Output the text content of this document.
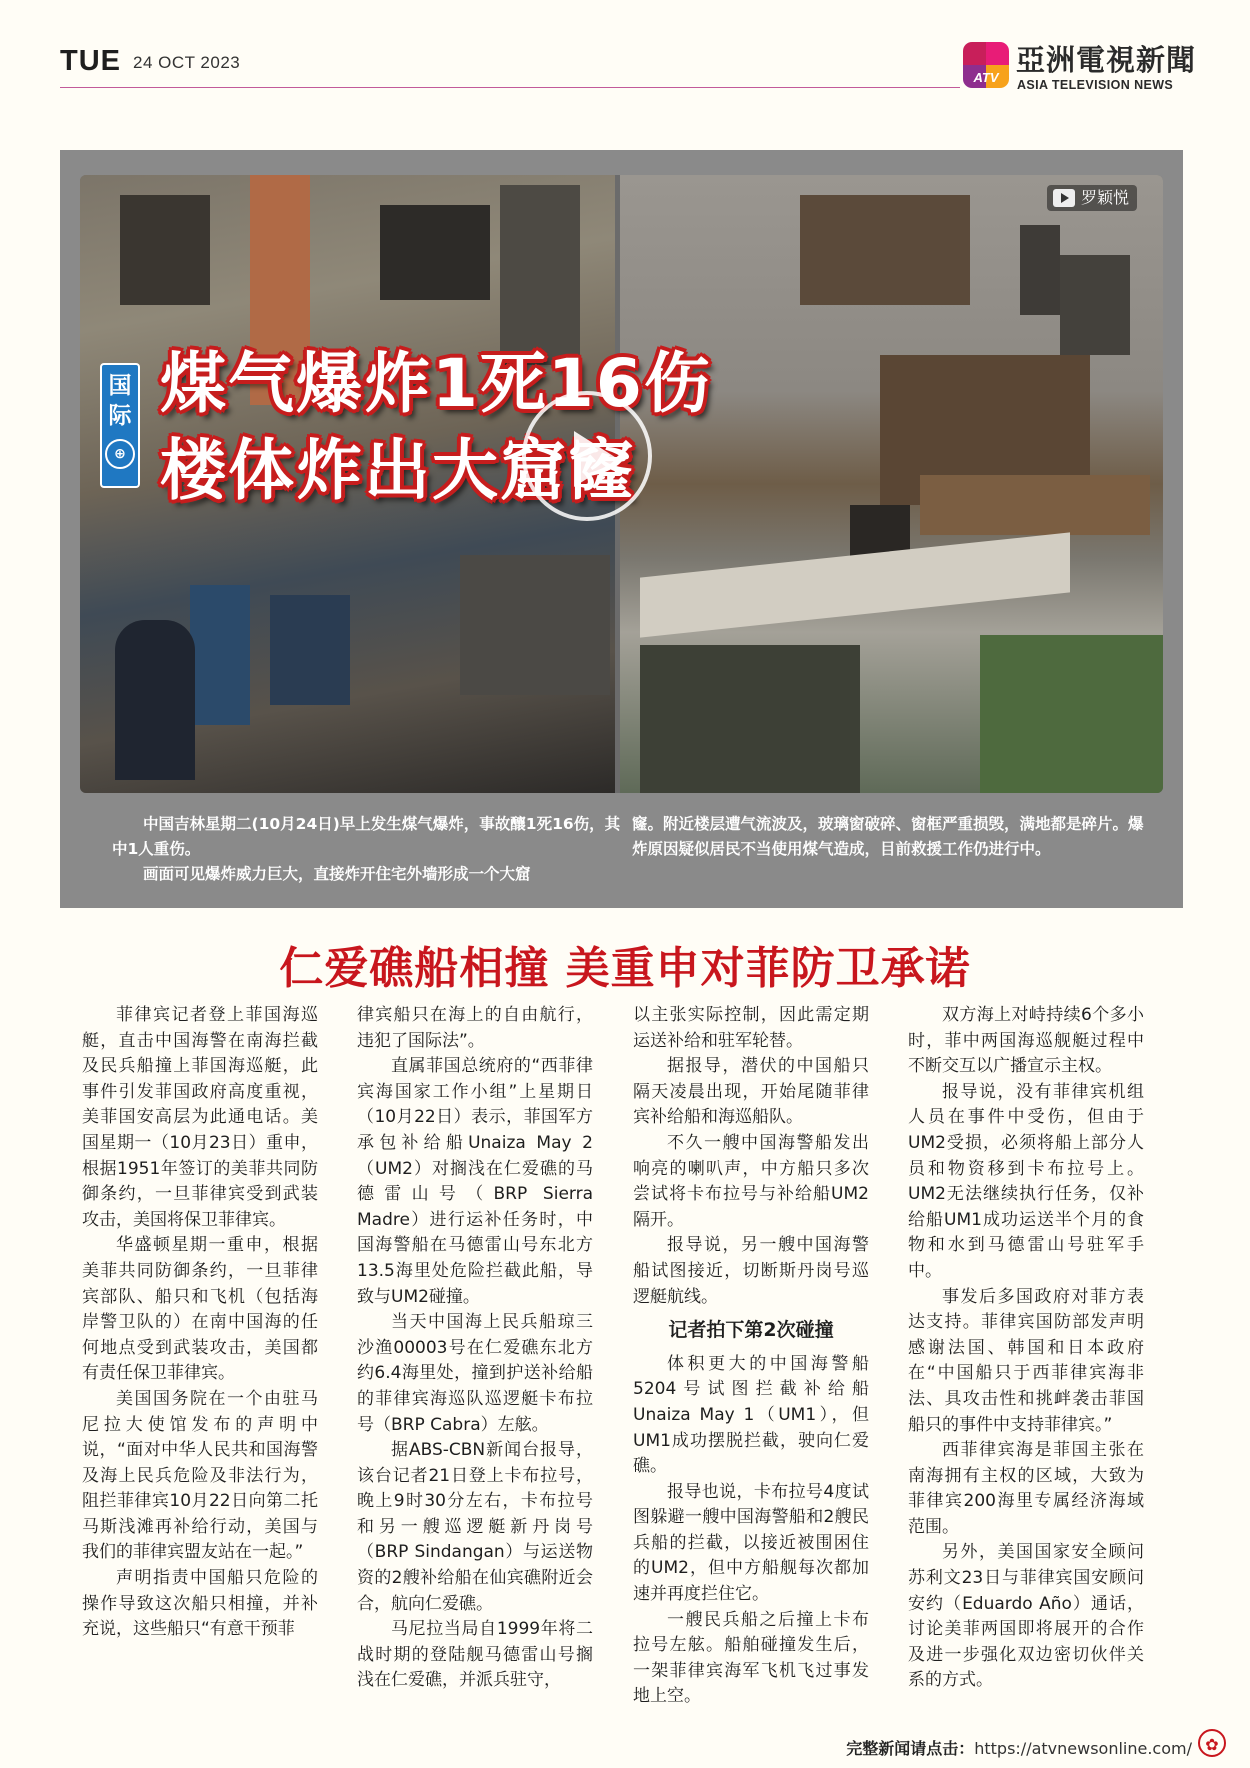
TUE 24 OCT 2023
ATV
亞洲電視新聞
ASIA TELEVISION NEWS
国际
⊕
煤气爆炸1死16伤
楼体炸出大窟窿
罗颖悦

中国吉林星期二(10月24日)早上发生煤气爆炸，事故釀1死16伤，其中1人重伤。

画面可见爆炸威力巨大，直接炸开住宅外墙形成一个大窟

窿。附近楼层遭气流波及，玻璃窗破碎、窗框严重损毁，满地都是碎片。爆炸原因疑似居民不当使用煤气造成，目前救援工作仍进行中。

仁爱礁船相撞 美重申对菲防卫承诺

菲律宾记者登上菲国海巡艇，直击中国海警在南海拦截及民兵船撞上菲国海巡艇，此事件引发菲国政府高度重视，美菲国安高层为此通电话。美国星期一（10月23日）重申，根据1951年签订的美菲共同防御条约，一旦菲律宾受到武装攻击，美国将保卫菲律宾。

华盛顿星期一重申，根据美菲共同防御条约，一旦菲律宾部队、船只和飞机（包括海岸警卫队的）在南中国海的任何地点受到武装攻击，美国都有责任保卫菲律宾。

美国国务院在一个由驻马尼拉大使馆发布的声明中说，“面对中华人民共和国海警及海上民兵危险及非法行为，阻拦菲律宾10月22日向第二托马斯浅滩再补给行动，美国与我们的菲律宾盟友站在一起。”

声明指责中国船只危险的操作导致这次船只相撞，并补充说，这些船只“有意干预菲

律宾船只在海上的自由航行，违犯了国际法”。

直属菲国总统府的“西菲律宾海国家工作小组”上星期日（10月22日）表示，菲国军方承包补给船Unaiza May 2（UM2）对搁浅在仁爱礁的马德雷山号（BRP Sierra Madre）进行运补任务时，中国海警船在马德雷山号东北方13.5海里处危险拦截此船，导致与UM2碰撞。

当天中国海上民兵船琼三沙渔00003号在仁爱礁东北方约6.4海里处，撞到护送补给船的菲律宾海巡队巡逻艇卡布拉号（BRP Cabra）左舷。

据ABS-CBN新闻台报导，该台记者21日登上卡布拉号，晚上9时30分左右，卡布拉号和另一艘巡逻艇新丹岗号（BRP Sindangan）与运送物资的2艘补给船在仙宾礁附近会合，航向仁爱礁。

马尼拉当局自1999年将二战时期的登陆舰马德雷山号搁浅在仁爱礁，并派兵驻守，

以主张实际控制，因此需定期运送补给和驻军轮替。

据报导，潜伏的中国船只隔天凌晨出现，开始尾随菲律宾补给船和海巡船队。

不久一艘中国海警船发出响亮的喇叭声，中方船只多次尝试将卡布拉号与补给船UM2隔开。

报导说，另一艘中国海警船试图接近，切断斯丹岗号巡逻艇航线。

记者拍下第2次碰撞

体积更大的中国海警船5204号试图拦截补给船Unaiza May 1（UM1），但UM1成功摆脱拦截，驶向仁爱礁。

报导也说，卡布拉号4度试图躲避一艘中国海警船和2艘民兵船的拦截，以接近被围困住的UM2，但中方船舰每次都加速并再度拦住它。

一艘民兵船之后撞上卡布拉号左舷。船舶碰撞发生后，一架菲律宾海军飞机飞过事发地上空。

双方海上对峙持续6个多小时，菲中两国海巡舰艇过程中不断交互以广播宣示主权。

报导说，没有菲律宾机组人员在事件中受伤，但由于UM2受损，必须将船上部分人员和物资移到卡布拉号上。UM2无法继续执行任务，仅补给船UM1成功运送半个月的食物和水到马德雷山号驻军手中。

事发后多国政府对菲方表达支持。菲律宾国防部发声明感谢法国、韩国和日本政府在“中国船只于西菲律宾海非法、具攻击性和挑衅袭击菲国船只的事件中支持菲律宾。”

西菲律宾海是菲国主张在南海拥有主权的区域，大致为菲律宾200海里专属经济海域范围。

另外，美国国家安全顾问苏利文23日与菲律宾国安顾问安约（Eduardo Año）通话，讨论美菲两国即将展开的合作及进一步强化双边密切伙伴关系的方式。

完整新闻请点击：https://atvnewsonline.com/ ✿
